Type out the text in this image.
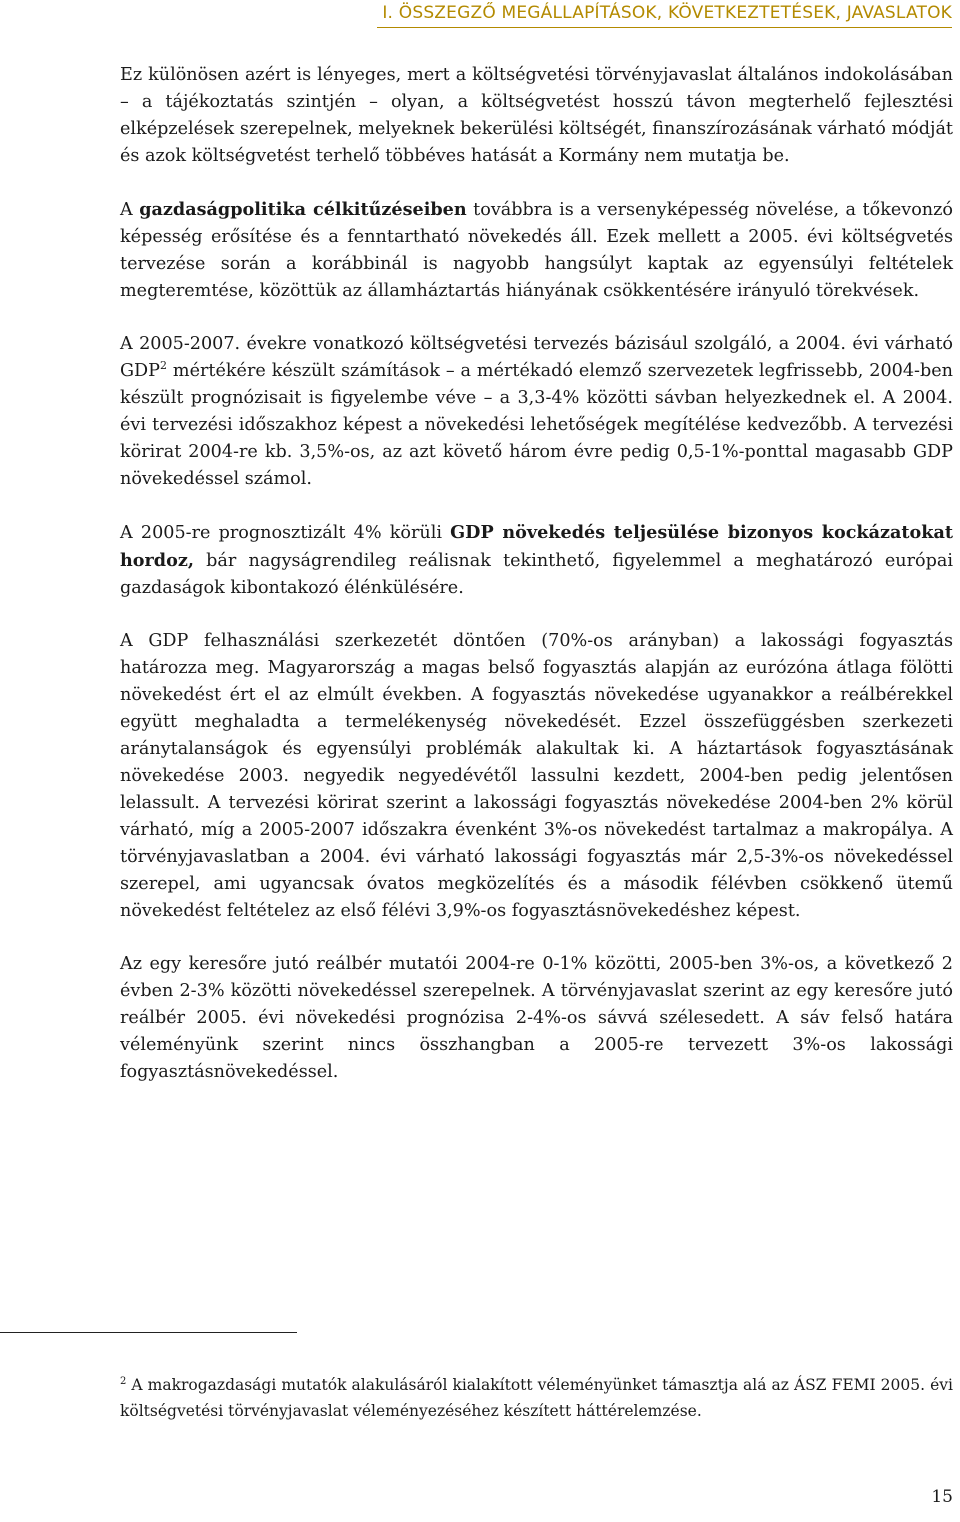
I. ÖSSZEGZŐ MEGÁLLAPÍTÁSOK, KÖVETKEZTETÉSEK, JAVASLATOK

Ez különösen azért is lényeges, mert a költségvetési törvényjavaslat általános indokolásában – a tájékoztatás szintjén – olyan, a költségvetést hosszú távon megterhelő fejlesztési elképzelések szerepelnek, melyeknek bekerülési költségét, finanszírozásának várható módját és azok költségvetést terhelő többéves hatását a Kormány nem mutatja be.

A gazdaságpolitika célkitűzéseiben továbbra is a versenyképesség növelése, a tőkevonzó képesség erősítése és a fenntartható növekedés áll. Ezek mellett a 2005. évi költségvetés tervezése során a korábbinál is nagyobb hangsúlyt kaptak az egyensúlyi feltételek megteremtése, közöttük az államháztartás hiányának csökkentésére irányuló törekvések.

A 2005-2007. évekre vonatkozó költségvetési tervezés bázisául szolgáló, a 2004. évi várható GDP$^2$ mértékére készült számítások – a mértékadó elemző szervezetek legfrissebb, 2004-ben készült prognózisait is figyelembe véve – a 3,3-4% közötti sávban helyezkednek el. A 2004. évi tervezési időszakhoz képest a növekedési lehetőségek megítélése kedvezőbb. A tervezési körirat 2004-re kb. 3,5%-os, az azt követő három évre pedig 0,5-1%-ponttal magasabb GDP növekedéssel számol.

A 2005-re prognosztizált 4% körüli GDP növekedés teljesülése bizonyos kockázatokat hordoz, bár nagyságrendileg reálisnak tekinthető, figyelemmel a meghatározó európai gazdaságok kibontakozó élénkülésére.

A GDP felhasználási szerkezetét döntően (70%-os arányban) a lakossági fogyasztás határozza meg. Magyarország a magas belső fogyasztás alapján az eurózóna átlaga fölötti növekedést ért el az elmúlt években. A fogyasztás növekedése ugyanakkor a reálbérekkel együtt meghaladta a termelékenység növekedését. Ezzel összefüggésben szerkezeti aránytalanságok és egyensúlyi problémák alakultak ki. A háztartások fogyasztásának növekedése 2003. negyedik negyedévétől lassulni kezdett, 2004-ben pedig jelentősen lelassult. A tervezési körirat szerint a lakossági fogyasztás növekedése 2004-ben 2% körül várható, míg a 2005-2007 időszakra évenként 3%-os növekedést tartalmaz a makropálya. A törvényjavaslatban a 2004. évi várható lakossági fogyasztás már 2,5-3%-os növekedéssel szerepel, ami ugyancsak óvatos megközelítés és a második félévben csökkenő ütemű növekedést feltételez az első félévi 3,9%-os fogyasztásnövekedéshez képest.

Az egy keresőre jutó reálbér mutatói 2004-re 0-1% közötti, 2005-ben 3%-os, a következő 2 évben 2-3% közötti növekedéssel szerepelnek. A törvényjavaslat szerint az egy keresőre jutó reálbér 2005. évi növekedési prognózisa 2-4%-os sávvá szélesedett. A sáv felső határa véleményünk szerint nincs összhangban a 2005-re tervezett 3%-os lakossági fogyasztásnövekedéssel.

$^2$ A makrogazdasági mutatók alakulásáról kialakított véleményünket támasztja alá az ÁSZ FEMI 2005. évi költségvetési törvényjavaslat véleményezéséhez készített háttérelemzése.
15
